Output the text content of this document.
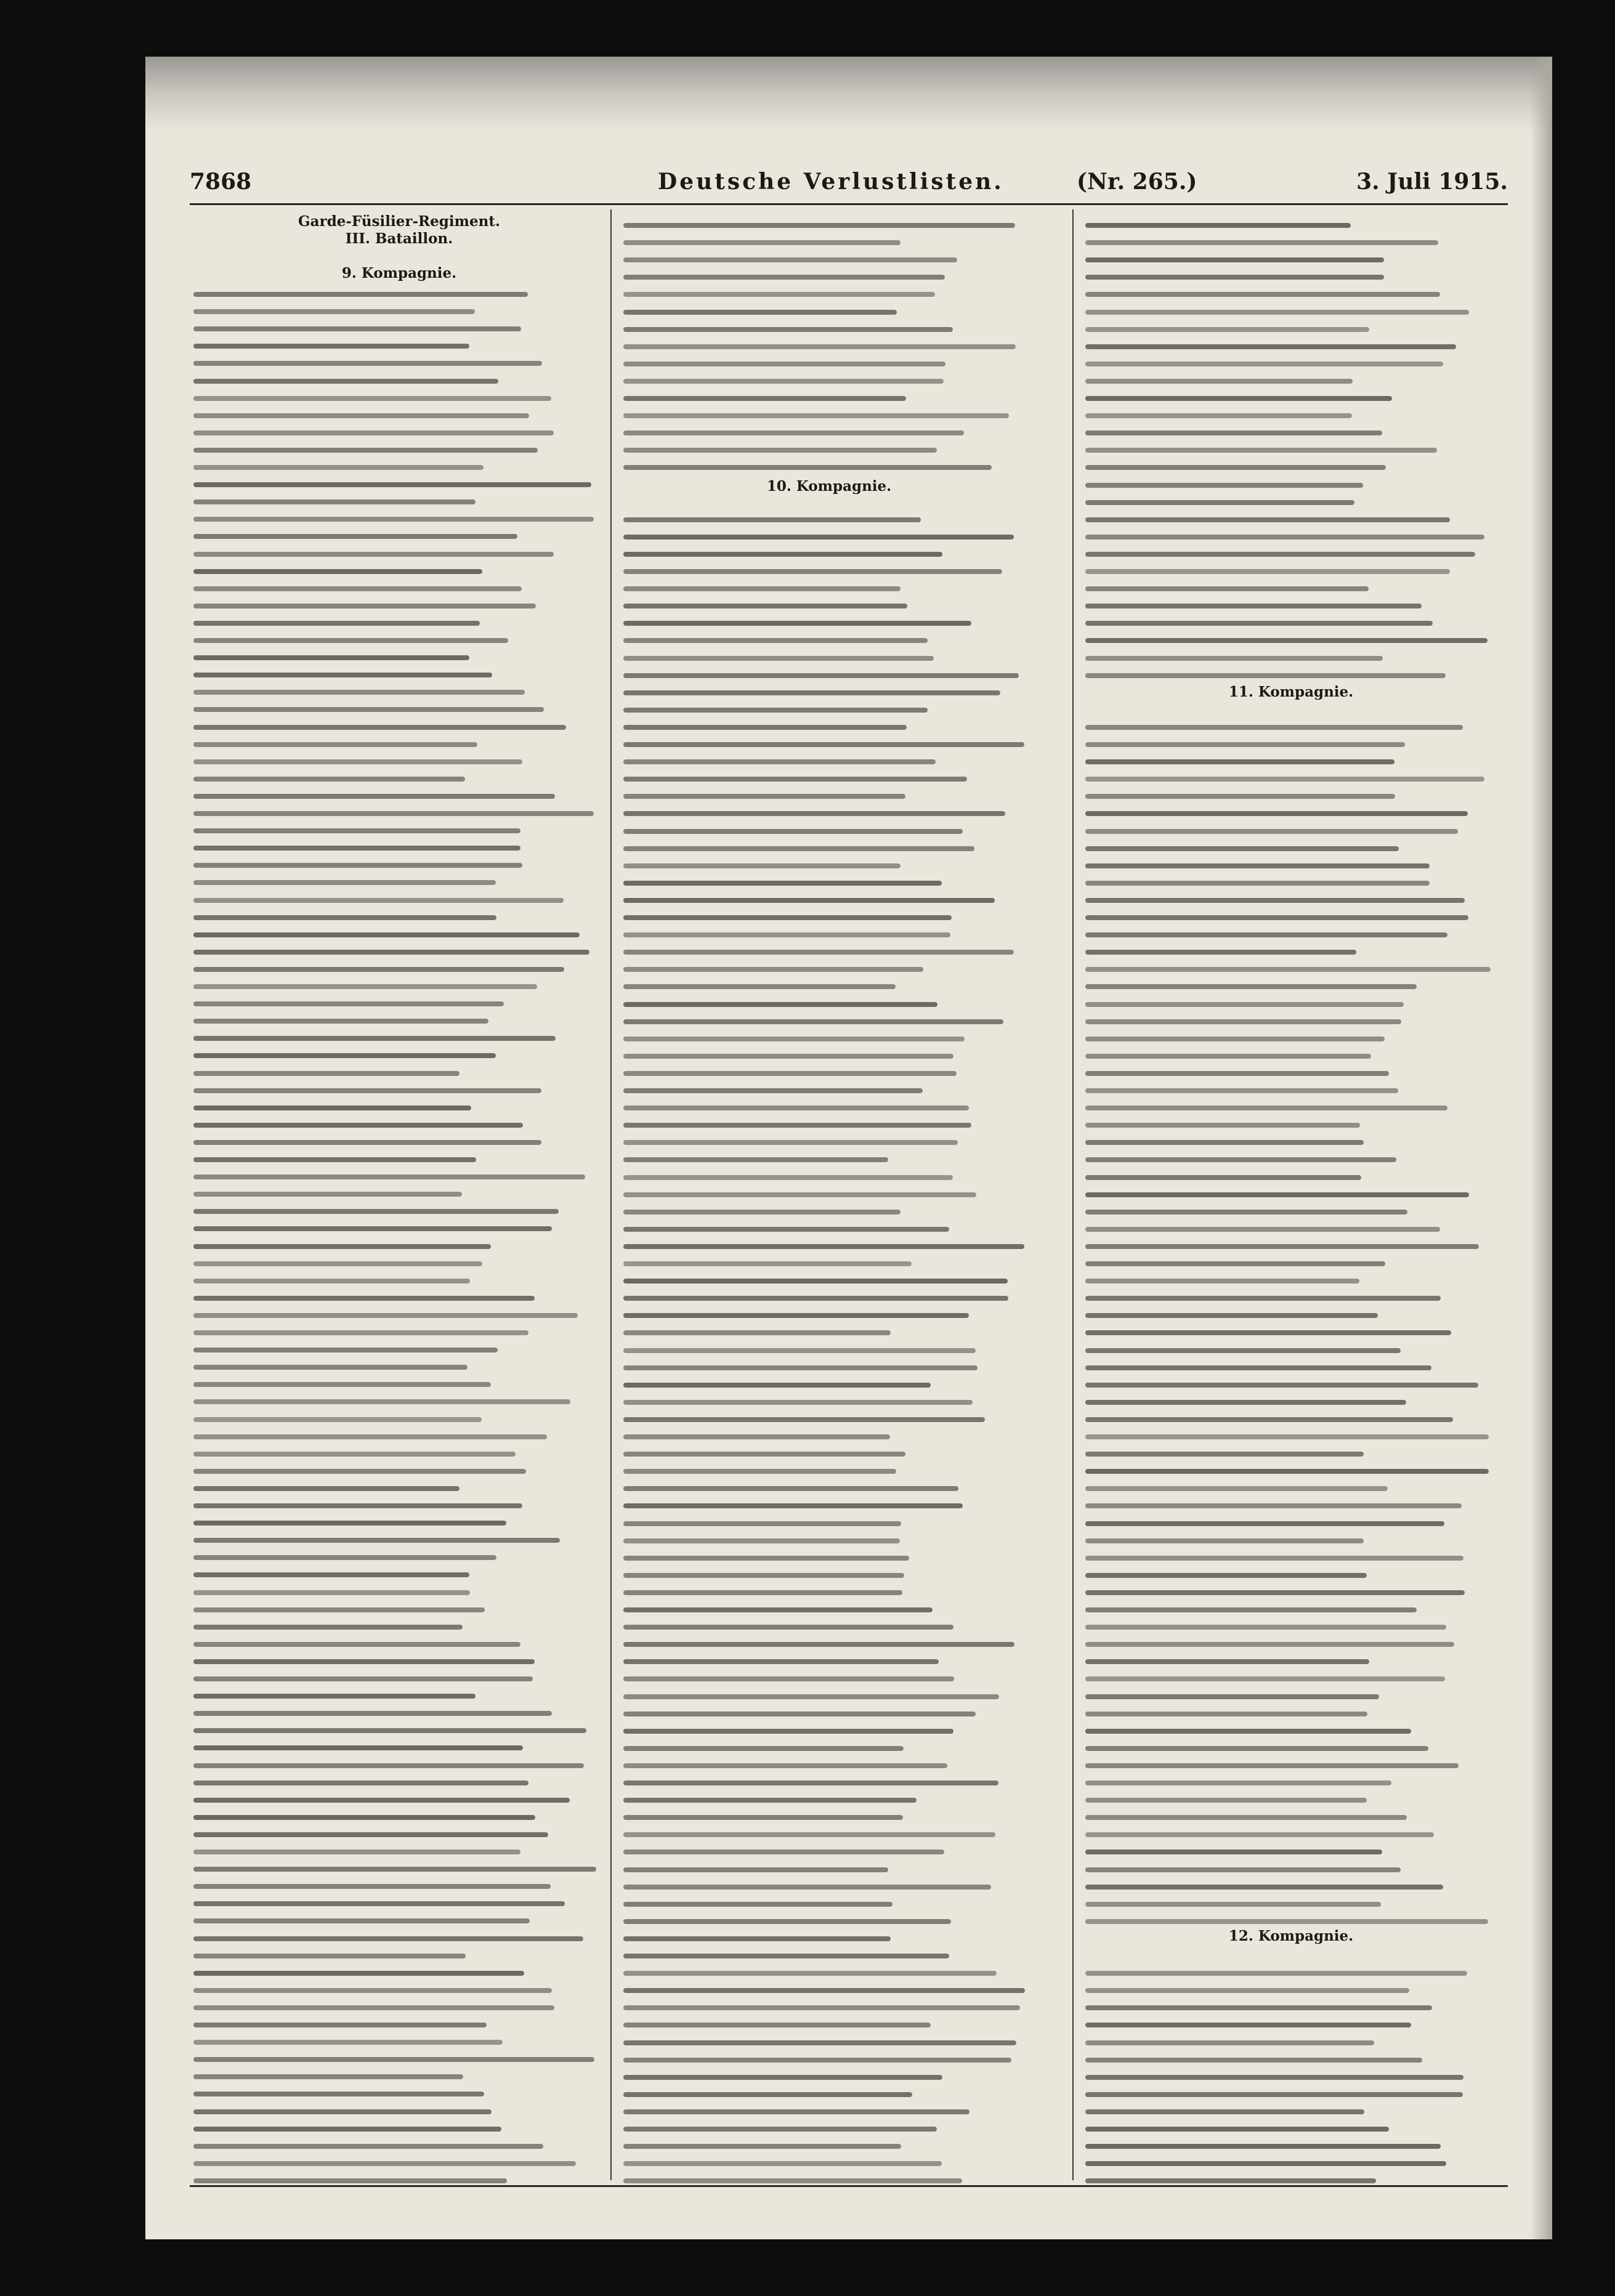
7868	Deutsche Verlustlisten.	(Nr. 265.)	3. Juli 1915.
Garde-Füsilier-Regiment.
III. Bataillon.
9. Kompagnie.
10. Kompagnie.
11. Kompagnie.
12. Kompagnie.
